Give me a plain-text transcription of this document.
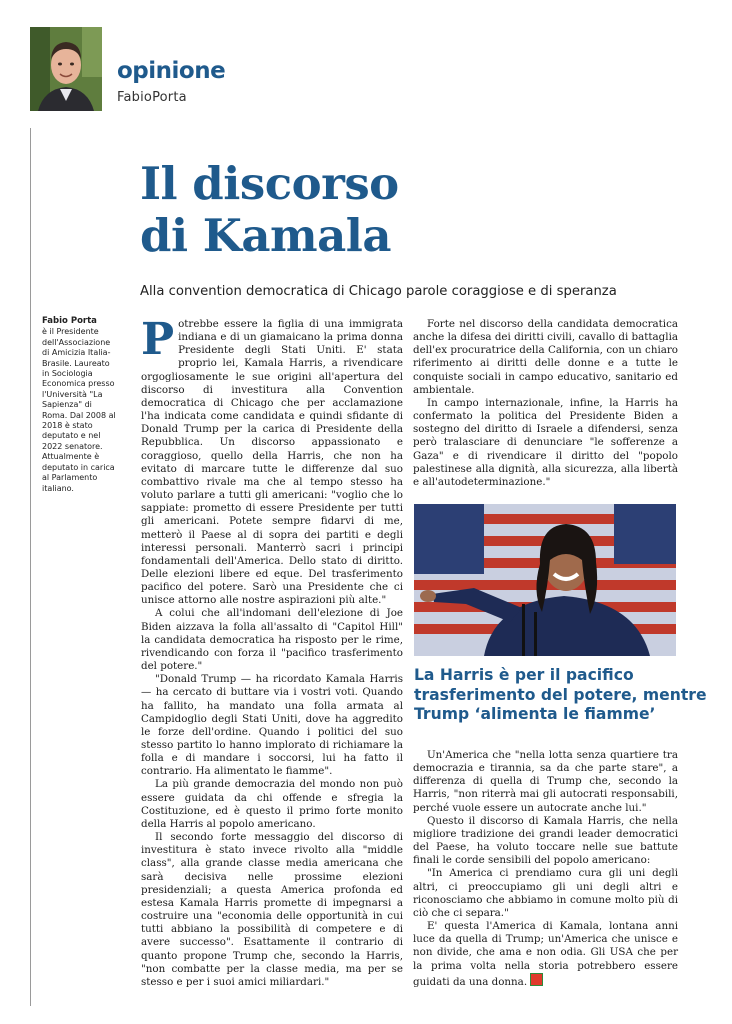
opinione
FabioPorta
Il discorso
di Kamala
Alla convention democratica di Chicago parole coraggiose e di speranza
Fabio Porta
è il Presidente dell'Associazione di Amicizia Italia-Brasile. Laureato in Sociologia Economica presso l'Università "La Sapienza" di Roma. Dal 2008 al 2018 è stato deputato e nel 2022 senatore. Attualmente è deputato in carica al Parlamento italiano.

Potrebbe essere la figlia di una immigrata indiana e di un giamaicano la prima donna Presidente degli Stati Uniti. E' stata proprio lei, Kamala Harris, a rivendicare orgogliosamente le sue origini all'apertura del discorso di investitura alla Convention democratica di Chicago che per acclamazione l'ha indicata come candidata e quindi sfidante di Donald Trump per la carica di Presidente della Repubblica. Un discorso appassionato e coraggioso, quello della Harris, che non ha evitato di marcare tutte le differenze dal suo combattivo rivale ma che al tempo stesso ha voluto parlare a tutti gli americani: "voglio che lo sappiate: prometto di essere Presidente per tutti gli americani. Potete sempre fidarvi di me, metterò il Paese al di sopra dei partiti e degli interessi personali. Manterrò sacri i principi fondamentali dell'America. Dello stato di diritto. Delle elezioni libere ed eque. Del trasferimento pacifico del potere. Sarò una Presidente che ci unisce attorno alle nostre aspirazioni più alte."

A colui che all'indomani dell'elezione di Joe Biden aizzava la folla all'assalto di "Capitol Hill" la candidata democratica ha risposto per le rime, rivendicando con forza il "pacifico trasferimento del potere."

"Donald Trump — ha ricordato Kamala Harris — ha cercato di buttare via i vostri voti. Quando ha fallito, ha mandato una folla armata al Campidoglio degli Stati Uniti, dove ha aggredito le forze dell'ordine. Quando i politici del suo stesso partito lo hanno implorato di richiamare la folla e di mandare i soccorsi, lui ha fatto il contrario. Ha alimentato le fiamme".

La più grande democrazia del mondo non può essere guidata da chi offende e sfregia la Costituzione, ed è questo il primo forte monito della Harris al popolo americano.

Il secondo forte messaggio del discorso di investitura è stato invece rivolto alla "middle class", alla grande classe media americana che sarà decisiva nelle prossime elezioni presidenziali; a questa America profonda ed estesa Kamala Harris promette di impegnarsi a costruire una "economia delle opportunità in cui tutti abbiano la possibilità di competere e di avere successo". Esattamente il contrario di quanto propone Trump che, secondo la Harris, "non combatte per la classe media, ma per se stesso e per i suoi amici miliardari."

Forte nel discorso della candidata democratica anche la difesa dei diritti civili, cavallo di battaglia dell'ex procuratrice della California, con un chiaro riferimento ai diritti delle donne e a tutte le conquiste sociali in campo educativo, sanitario ed ambientale.

In campo internazionale, infine, la Harris ha confermato la politica del Presidente Biden a sostegno del diritto di Israele a difendersi, senza però tralasciare di denunciare "le sofferenze a Gaza" e di rivendicare il diritto del "popolo palestinese alla dignità, alla sicurezza, alla libertà e all'autodeterminazione."

La Harris è per il pacifico
trasferimento del potere, mentre
Trump ‘alimenta le fiamme’

Un'America che "nella lotta senza quartiere tra democrazia e tirannia, sa da che parte stare", a differenza di quella di Trump che, secondo la Harris, "non riterrà mai gli autocrati responsabili, perché vuole essere un autocrate anche lui."

Questo il discorso di Kamala Harris, che nella migliore tradizione dei grandi leader democratici del Paese, ha voluto toccare nelle sue battute finali le corde sensibili del popolo americano:

"In America ci prendiamo cura gli uni degli altri, ci preoccupiamo gli uni degli altri e riconosciamo che abbiamo in comune molto più di ciò che ci separa."

E' questa l'America di Kamala, lontana anni luce da quella di Trump; un'America che unisce e non divide, che ama e non odia. Gli USA che per la prima volta nella storia potrebbero essere guidati da una donna.
